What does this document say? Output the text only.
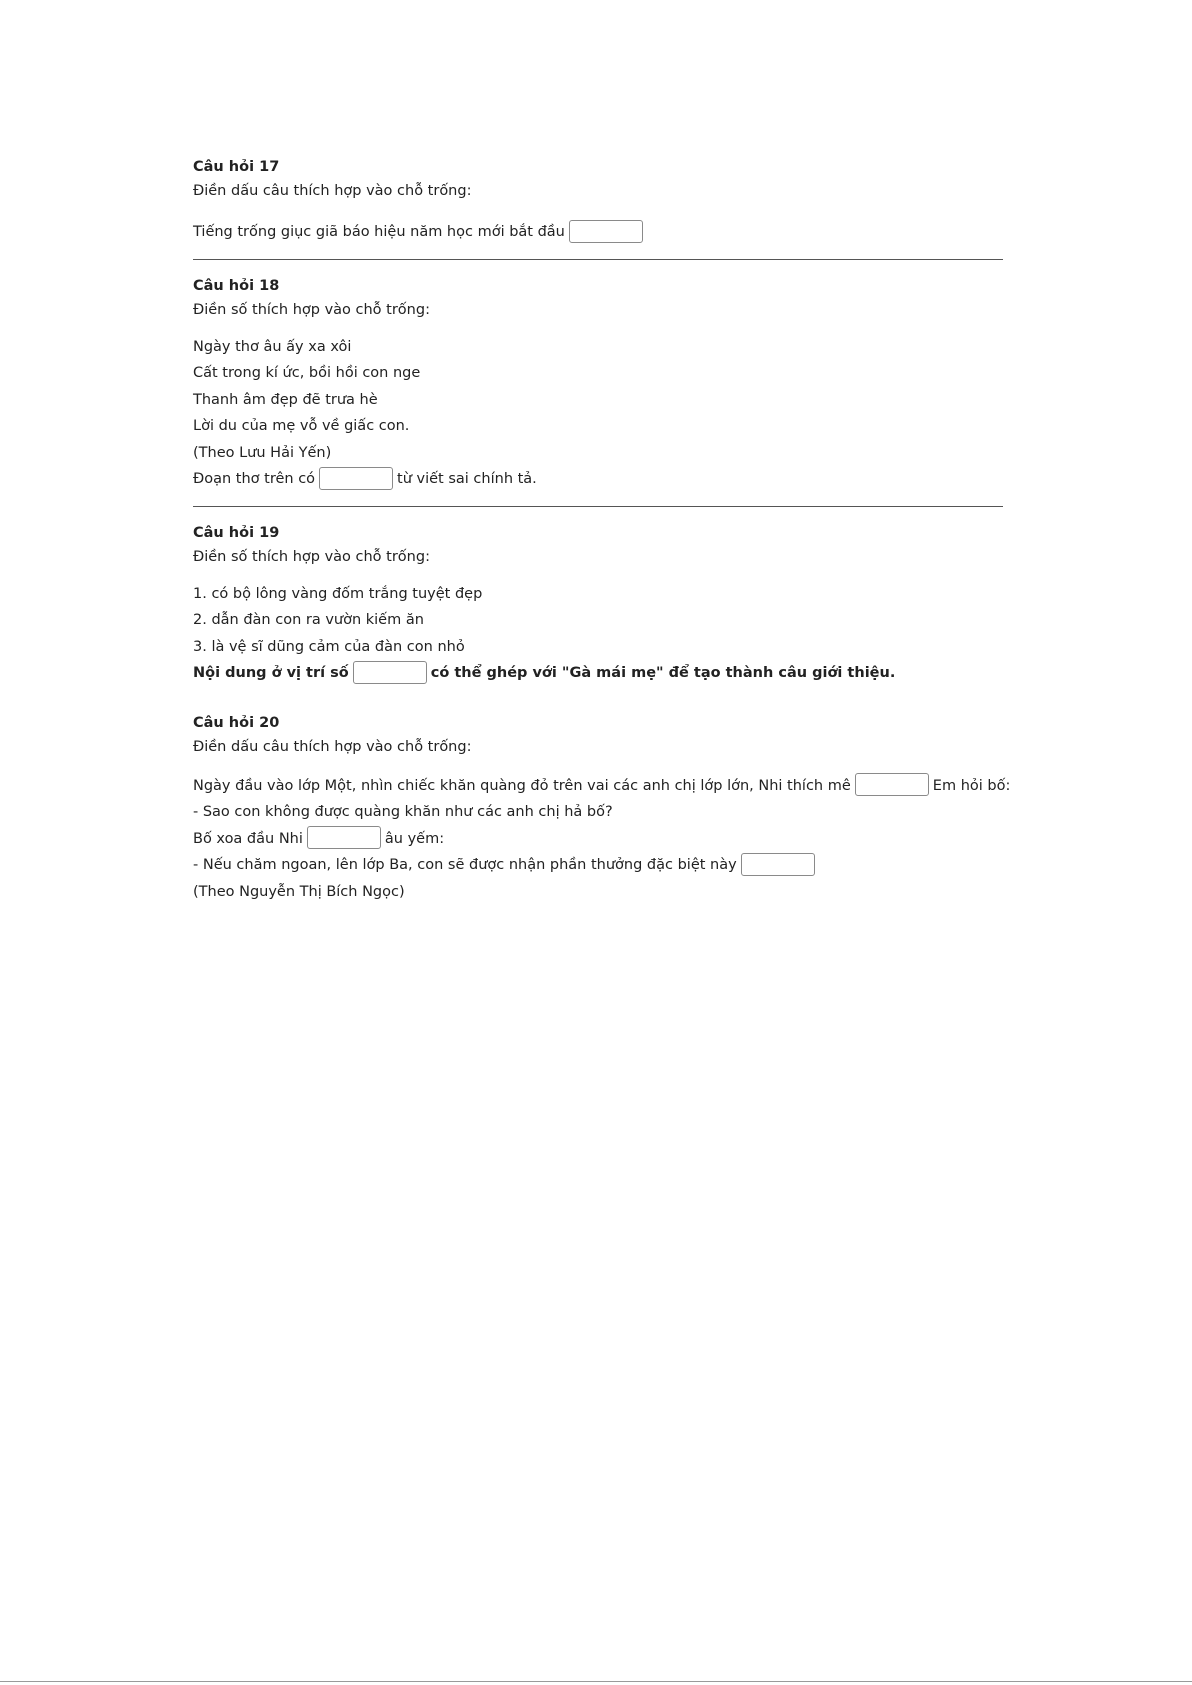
Câu hỏi 17
Điền dấu câu thích hợp vào chỗ trống:
Tiếng trống giục giã báo hiệu năm học mới bắt đầu
Câu hỏi 18
Điền số thích hợp vào chỗ trống:
Ngày thơ âu ấy xa xôi
Cất trong kí ức, bồi hồi con nge
Thanh âm đẹp đẽ trưa hè
Lời du của mẹ vỗ về giấc con.
(Theo Lưu Hải Yến)
Đoạn thơ trên có	từ viết sai chính tả.
Câu hỏi 19
Điền số thích hợp vào chỗ trống:
1. có bộ lông vàng đốm trắng tuyệt đẹp
2. dẫn đàn con ra vườn kiếm ăn
3. là vệ sĩ dũng cảm của đàn con nhỏ
Nội dung ở vị trí số	có thể ghép với "Gà mái mẹ" để tạo thành câu giới thiệu.
Câu hỏi 20
Điền dấu câu thích hợp vào chỗ trống:
Ngày đầu vào lớp Một, nhìn chiếc khăn quàng đỏ trên vai các anh chị lớp lớn, Nhi thích mê	Em hỏi bố:
- Sao con không được quàng khăn như các anh chị hả bố?
Bố xoa đầu Nhi	âu yếm:
- Nếu chăm ngoan, lên lớp Ba, con sẽ được nhận phần thưởng đặc biệt này
(Theo Nguyễn Thị Bích Ngọc)
